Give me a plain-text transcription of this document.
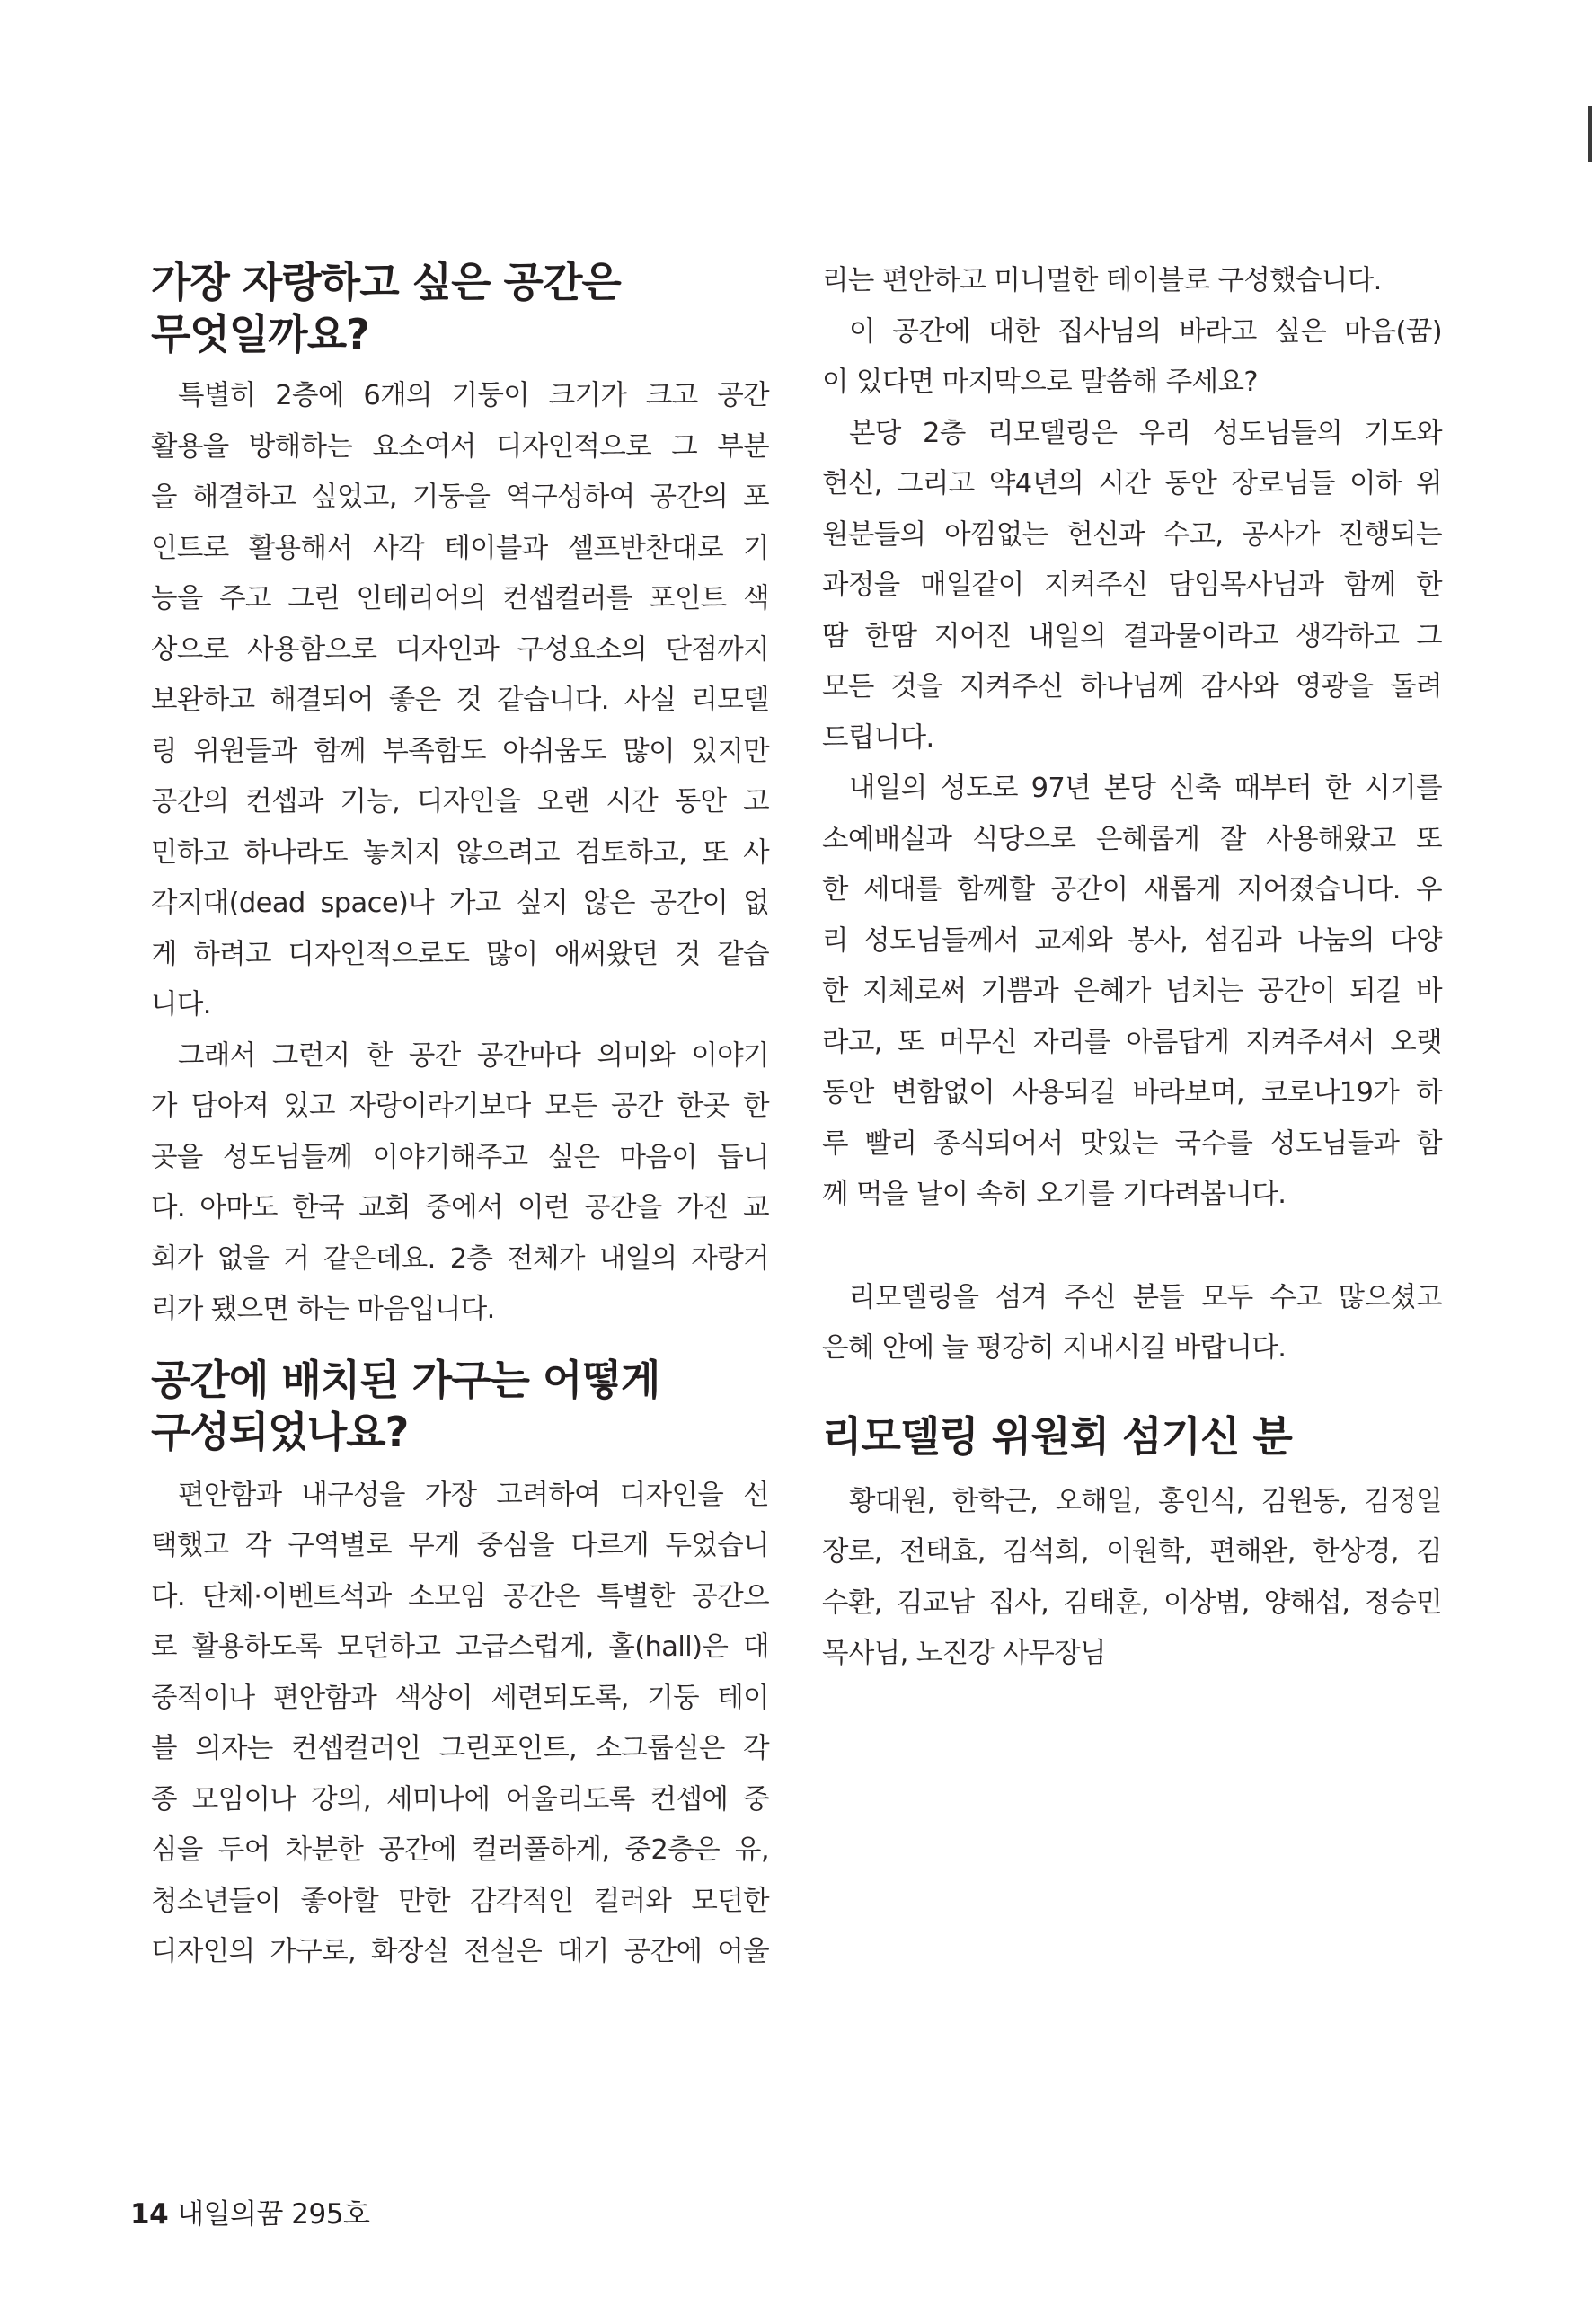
가장 자랑하고 싶은 공간은
무엇일까요?
특별히 2층에 6개의 기둥이 크기가 크고 공간
활용을 방해하는 요소여서 디자인적으로 그 부분
을 해결하고 싶었고, 기둥을 역구성하여 공간의 포
인트로 활용해서 사각 테이블과 셀프반찬대로 기
능을 주고 그린 인테리어의 컨셉컬러를 포인트 색
상으로 사용함으로 디자인과 구성요소의 단점까지
보완하고 해결되어 좋은 것 같습니다. 사실 리모델
링 위원들과 함께 부족함도 아쉬움도 많이 있지만
공간의 컨셉과 기능, 디자인을 오랜 시간 동안 고
민하고 하나라도 놓치지 않으려고 검토하고, 또 사
각지대(dead space)나 가고 싶지 않은 공간이 없
게 하려고 디자인적으로도 많이 애써왔던 것 같습
니다.
그래서 그런지 한 공간 공간마다 의미와 이야기
가 담아져 있고 자랑이라기보다 모든 공간 한곳 한
곳을 성도님들께 이야기해주고 싶은 마음이 듭니
다. 아마도 한국 교회 중에서 이런 공간을 가진 교
회가 없을 거 같은데요. 2층 전체가 내일의 자랑거
리가 됐으면 하는 마음입니다.
공간에 배치된 가구는 어떻게
구성되었나요?
편안함과 내구성을 가장 고려하여 디자인을 선
택했고 각 구역별로 무게 중심을 다르게 두었습니
다. 단체·이벤트석과 소모임 공간은 특별한 공간으
로 활용하도록 모던하고 고급스럽게, 홀(hall)은 대
중적이나 편안함과 색상이 세련되도록, 기둥 테이
블 의자는 컨셉컬러인 그린포인트, 소그룹실은 각
종 모임이나 강의, 세미나에 어울리도록 컨셉에 중
심을 두어 차분한 공간에 컬러풀하게, 중2층은 유,
청소년들이 좋아할 만한 감각적인 컬러와 모던한
디자인의 가구로, 화장실 전실은 대기 공간에 어울
리는 편안하고 미니멀한 테이블로 구성했습니다.
이 공간에 대한 집사님의 바라고 싶은 마음(꿈)
이 있다면 마지막으로 말씀해 주세요?
본당 2층 리모델링은 우리 성도님들의 기도와
헌신, 그리고 약4년의 시간 동안 장로님들 이하 위
원분들의 아낌없는 헌신과 수고, 공사가 진행되는
과정을 매일같이 지켜주신 담임목사님과 함께 한
땀 한땀 지어진 내일의 결과물이라고 생각하고 그
모든 것을 지켜주신 하나님께 감사와 영광을 돌려
드립니다.
내일의 성도로 97년 본당 신축 때부터 한 시기를
소예배실과 식당으로 은혜롭게 잘 사용해왔고 또
한 세대를 함께할 공간이 새롭게 지어졌습니다. 우
리 성도님들께서 교제와 봉사, 섬김과 나눔의 다양
한 지체로써 기쁨과 은혜가 넘치는 공간이 되길 바
라고, 또 머무신 자리를 아름답게 지켜주셔서 오랫
동안 변함없이 사용되길 바라보며, 코로나19가 하
루 빨리 종식되어서 맛있는 국수를 성도님들과 함
께 먹을 날이 속히 오기를 기다려봅니다.
리모델링을 섬겨 주신 분들 모두 수고 많으셨고
은혜 안에 늘 평강히 지내시길 바랍니다.
리모델링 위원회 섬기신 분
황대원, 한학근, 오해일, 홍인식, 김원동, 김정일
장로, 전태효, 김석희, 이원학, 편해완, 한상경, 김
수환, 김교남 집사, 김태훈, 이상범, 양해섭, 정승민
목사님, 노진강 사무장님
14 내일의꿈 295호
